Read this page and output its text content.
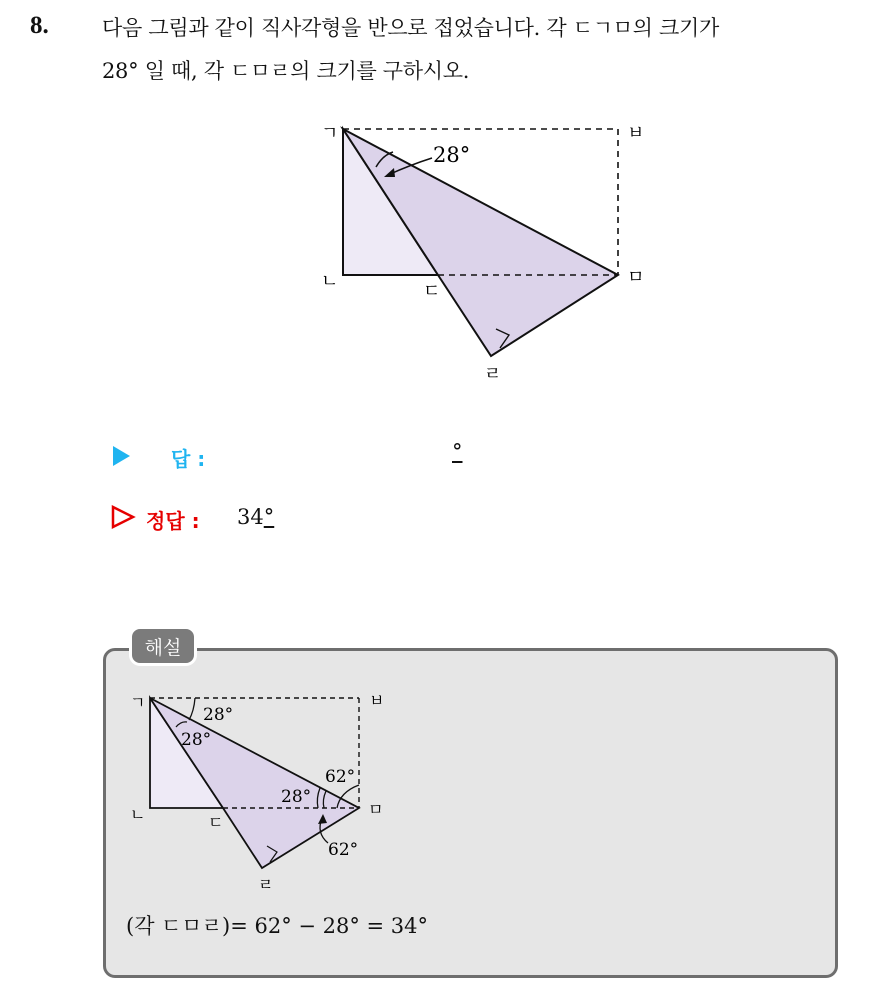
8.	다음 그림과 같이 직사각형을 반으로 접었습니다. 각 ㄷㄱㅁ의 크기가
28° 일 때, 각 ㄷㅁㄹ의 크기를 구하시오.
28°
ㄱ	ㅂ
ㄴ	ㄷ
ㅁ
ㄹ
답 :	°
정답 : 34°
해설
28°
28°
62°
28°
62°
ㄱ	ㅂ
ㄴ	ㄷ
ㅁ
ㄹ
(각 ㄷㅁㄹ)= 62° − 28° = 34°
